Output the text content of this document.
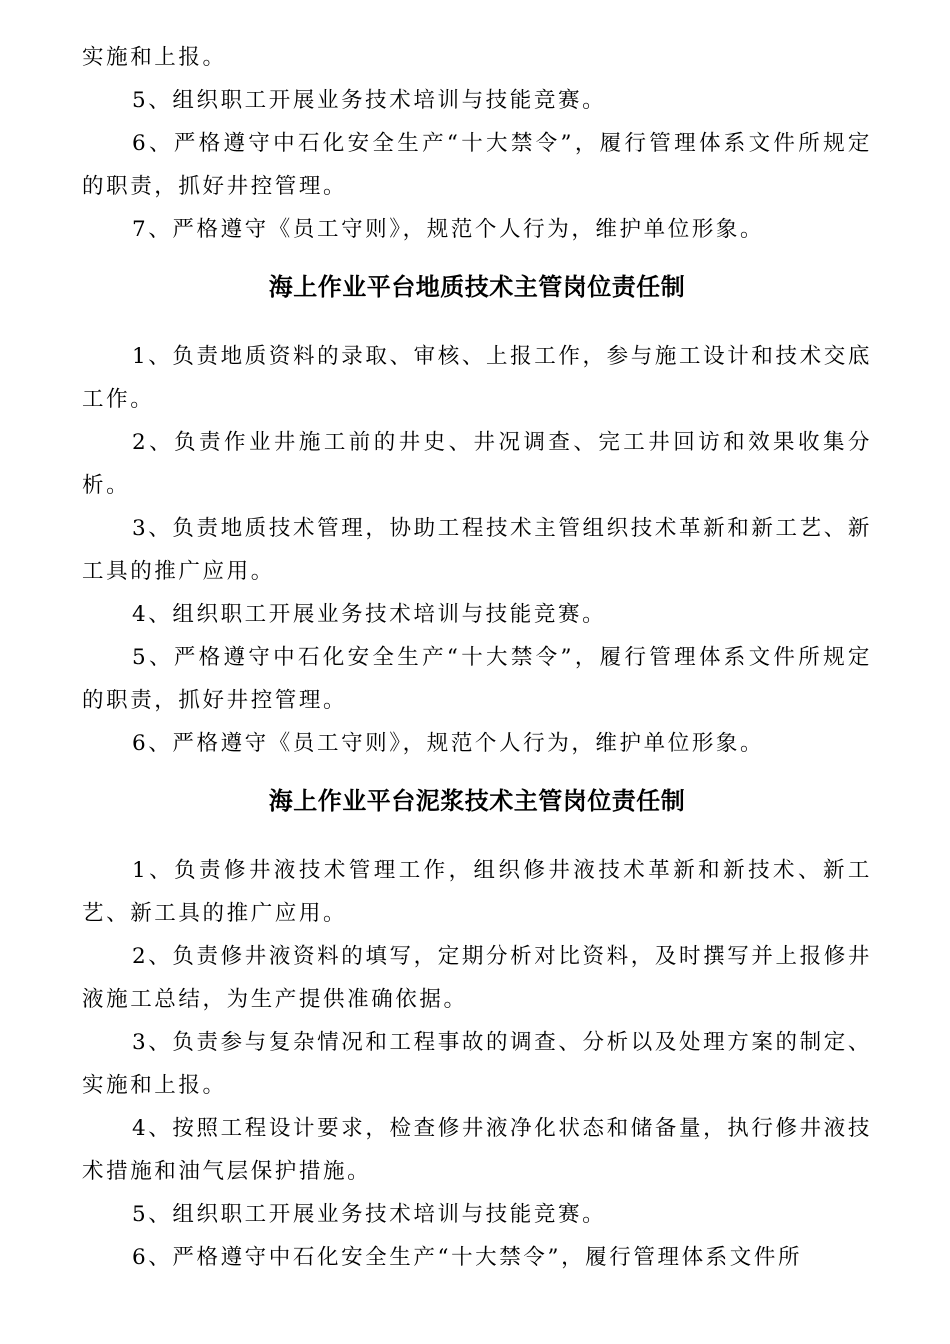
实施和上报。

5、组织职工开展业务技术培训与技能竞赛。

6、严格遵守中石化安全生产“十大禁令”，履行管理体系文件所规定的职责，抓好井控管理。

7、严格遵守《员工守则》，规范个人行为，维护单位形象。

海上作业平台地质技术主管岗位责任制

1、负责地质资料的录取、审核、上报工作，参与施工设计和技术交底工作。

2、负责作业井施工前的井史、井况调查、完工井回访和效果收集分析。

3、负责地质技术管理，协助工程技术主管组织技术革新和新工艺、新工具的推广应用。

4、组织职工开展业务技术培训与技能竞赛。

5、严格遵守中石化安全生产“十大禁令”，履行管理体系文件所规定的职责，抓好井控管理。

6、严格遵守《员工守则》，规范个人行为，维护单位形象。

海上作业平台泥浆技术主管岗位责任制

1、负责修井液技术管理工作，组织修井液技术革新和新技术、新工艺、新工具的推广应用。

2、负责修井液资料的填写，定期分析对比资料，及时撰写并上报修井液施工总结，为生产提供准确依据。

3、负责参与复杂情况和工程事故的调查、分析以及处理方案的制定、实施和上报。

4、按照工程设计要求，检查修井液净化状态和储备量，执行修井液技术措施和油气层保护措施。

5、组织职工开展业务技术培训与技能竞赛。

6、严格遵守中石化安全生产“十大禁令”，履行管理体系文件所
